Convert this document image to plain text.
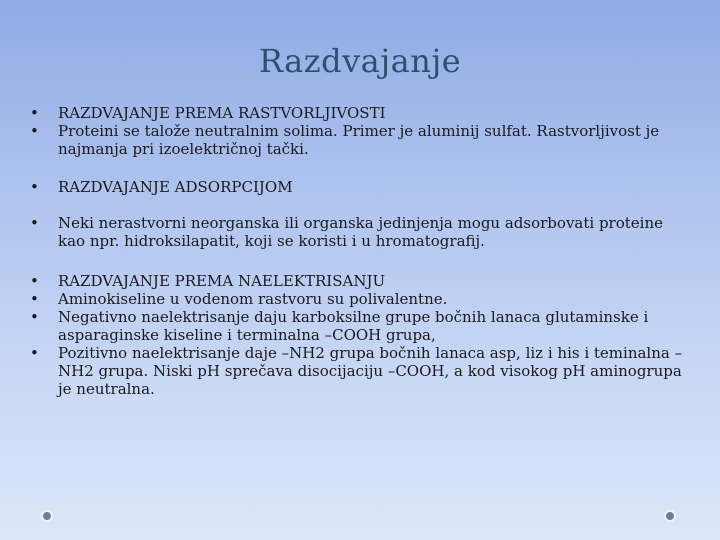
Razdvajanje
• RAZDVAJANJE PREMA RASTVORLJIVOSTI
• Proteini se taložе neutralnim solima. Primer je aluminij sulfat. Rastvorljivost je najmanja pri izoelektričnoj tački.
• RAZDVAJANJE ADSORPCIJOM
• Neki nerastvorni neorganska ili organska jedinjenja mogu adsorbovati proteine kao npr. hidroksilapatit, koji se koristi i u hromatografij.
• RAZDVAJANJE PREMA NAELEKTRISANJU
• Aminokiseline u vodenom rastvoru su polivalentne.
• Negativno naelektrisanje daju karboksilne grupe bočnih lanaca glutaminske i asparaginske kiseline i terminalna –COOH grupa,
• Pozitivno naelektrisanje daje –NH2 grupa bočnih lanaca asp, liz i his i teminalna –NH2 grupa. Niski pH sprečava disocijaciju –COOH, a kod visokog pH aminogrupa je neutralna.
